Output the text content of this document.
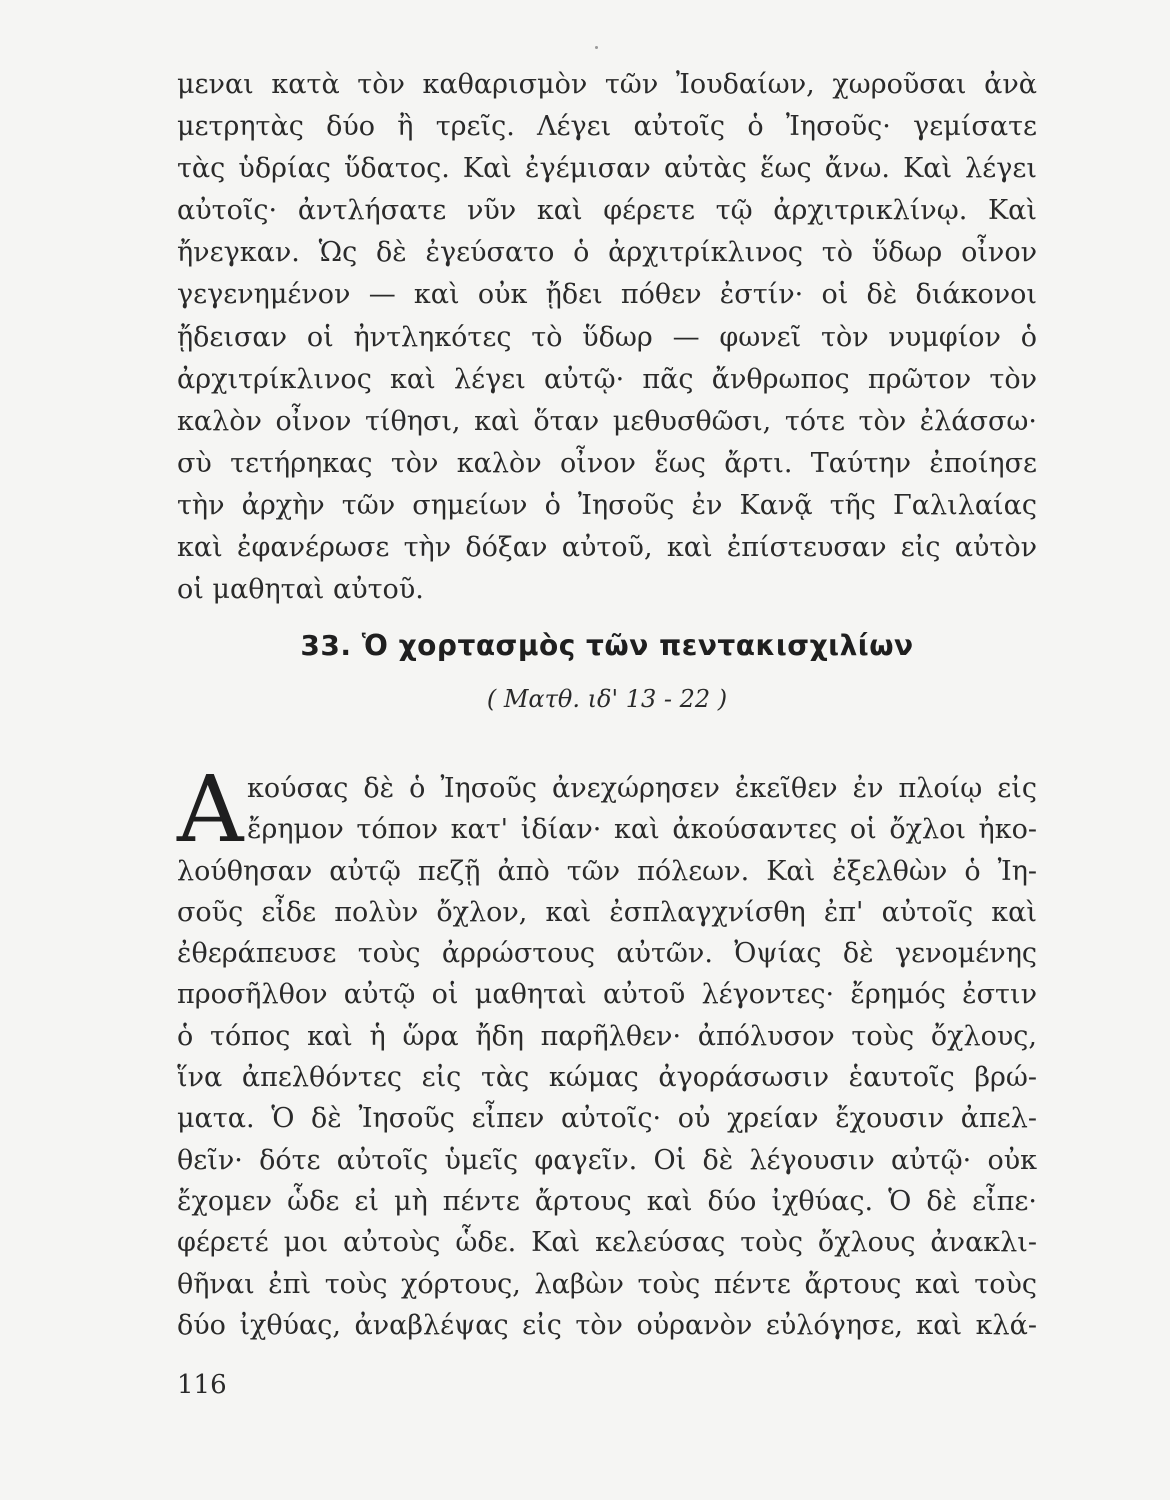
μεναι κατὰ τὸν καθαρισμὸν τῶν Ἰουδαίων, χωροῦσαι ἀνὰ
μετρητὰς δύο ἢ τρεῖς. Λέγει αὐτοῖς ὁ Ἰησοῦς· γεμίσατε
τὰς ὑδρίας ὕδατος. Καὶ ἐγέμισαν αὐτὰς ἕως ἄνω. Καὶ λέγει
αὐτοῖς· ἀντλήσατε νῦν καὶ φέρετε τῷ ἀρχιτρικλίνῳ. Καὶ
ἤνεγκαν. Ὡς δὲ ἐγεύσατο ὁ ἀρχιτρίκλινος τὸ ὕδωρ οἶνον
γεγενημένον — καὶ οὐκ ᾔδει πόθεν ἐστίν· οἱ δὲ διάκονοι
ᾔδεισαν οἱ ἠντληκότες τὸ ὕδωρ — φωνεῖ τὸν νυμφίον ὁ
ἀρχιτρίκλινος καὶ λέγει αὐτῷ· πᾶς ἄνθρωπος πρῶτον τὸν
καλὸν οἶνον τίθησι, καὶ ὅταν μεθυσθῶσι, τότε τὸν ἐλάσσω·
σὺ τετήρηκας τὸν καλὸν οἶνον ἕως ἄρτι. Ταύτην ἐποίησε
τὴν ἀρχὴν τῶν σημείων ὁ Ἰησοῦς ἐν Κανᾷ τῆς Γαλιλαίας
καὶ ἐφανέρωσε τὴν δόξαν αὐτοῦ, καὶ ἐπίστευσαν εἰς αὐτὸν
οἱ μαθηταὶ αὐτοῦ.
33. Ὁ χορτασμὸς τῶν πεντακισχιλίων
( Ματθ. ιδ' 13 - 22 )
Α κούσας δὲ ὁ Ἰησοῦς ἀνεχώρησεν ἐκεῖθεν ἐν πλοίῳ εἰς
ἔρημον τόπον κατ' ἰδίαν· καὶ ἀκούσαντες οἱ ὄχλοι ἠκο-
λούθησαν αὐτῷ πεζῇ ἀπὸ τῶν πόλεων. Καὶ ἐξελθὼν ὁ Ἰη-
σοῦς εἶδε πολὺν ὄχλον, καὶ ἐσπλαγχνίσθη ἐπ' αὐτοῖς καὶ
ἐθεράπευσε τοὺς ἀρρώστους αὐτῶν. Ὀψίας δὲ γενομένης
προσῆλθον αὐτῷ οἱ μαθηταὶ αὐτοῦ λέγοντες· ἔρημός ἐστιν
ὁ τόπος καὶ ἡ ὥρα ἤδη παρῆλθεν· ἀπόλυσον τοὺς ὄχλους,
ἵνα ἀπελθόντες εἰς τὰς κώμας ἀγοράσωσιν ἑαυτοῖς βρώ-
ματα. Ὁ δὲ Ἰησοῦς εἶπεν αὐτοῖς· οὐ χρείαν ἔχουσιν ἀπελ-
θεῖν· δότε αὐτοῖς ὑμεῖς φαγεῖν. Οἱ δὲ λέγουσιν αὐτῷ· οὐκ
ἔχομεν ὧδε εἰ μὴ πέντε ἄρτους καὶ δύο ἰχθύας. Ὁ δὲ εἶπε·
φέρετέ μοι αὐτοὺς ὧδε. Καὶ κελεύσας τοὺς ὄχλους ἀνακλι-
θῆναι ἐπὶ τοὺς χόρτους, λαβὼν τοὺς πέντε ἄρτους καὶ τοὺς
δύο ἰχθύας, ἀναβλέψας εἰς τὸν οὐρανὸν εὐλόγησε, καὶ κλά-
116
